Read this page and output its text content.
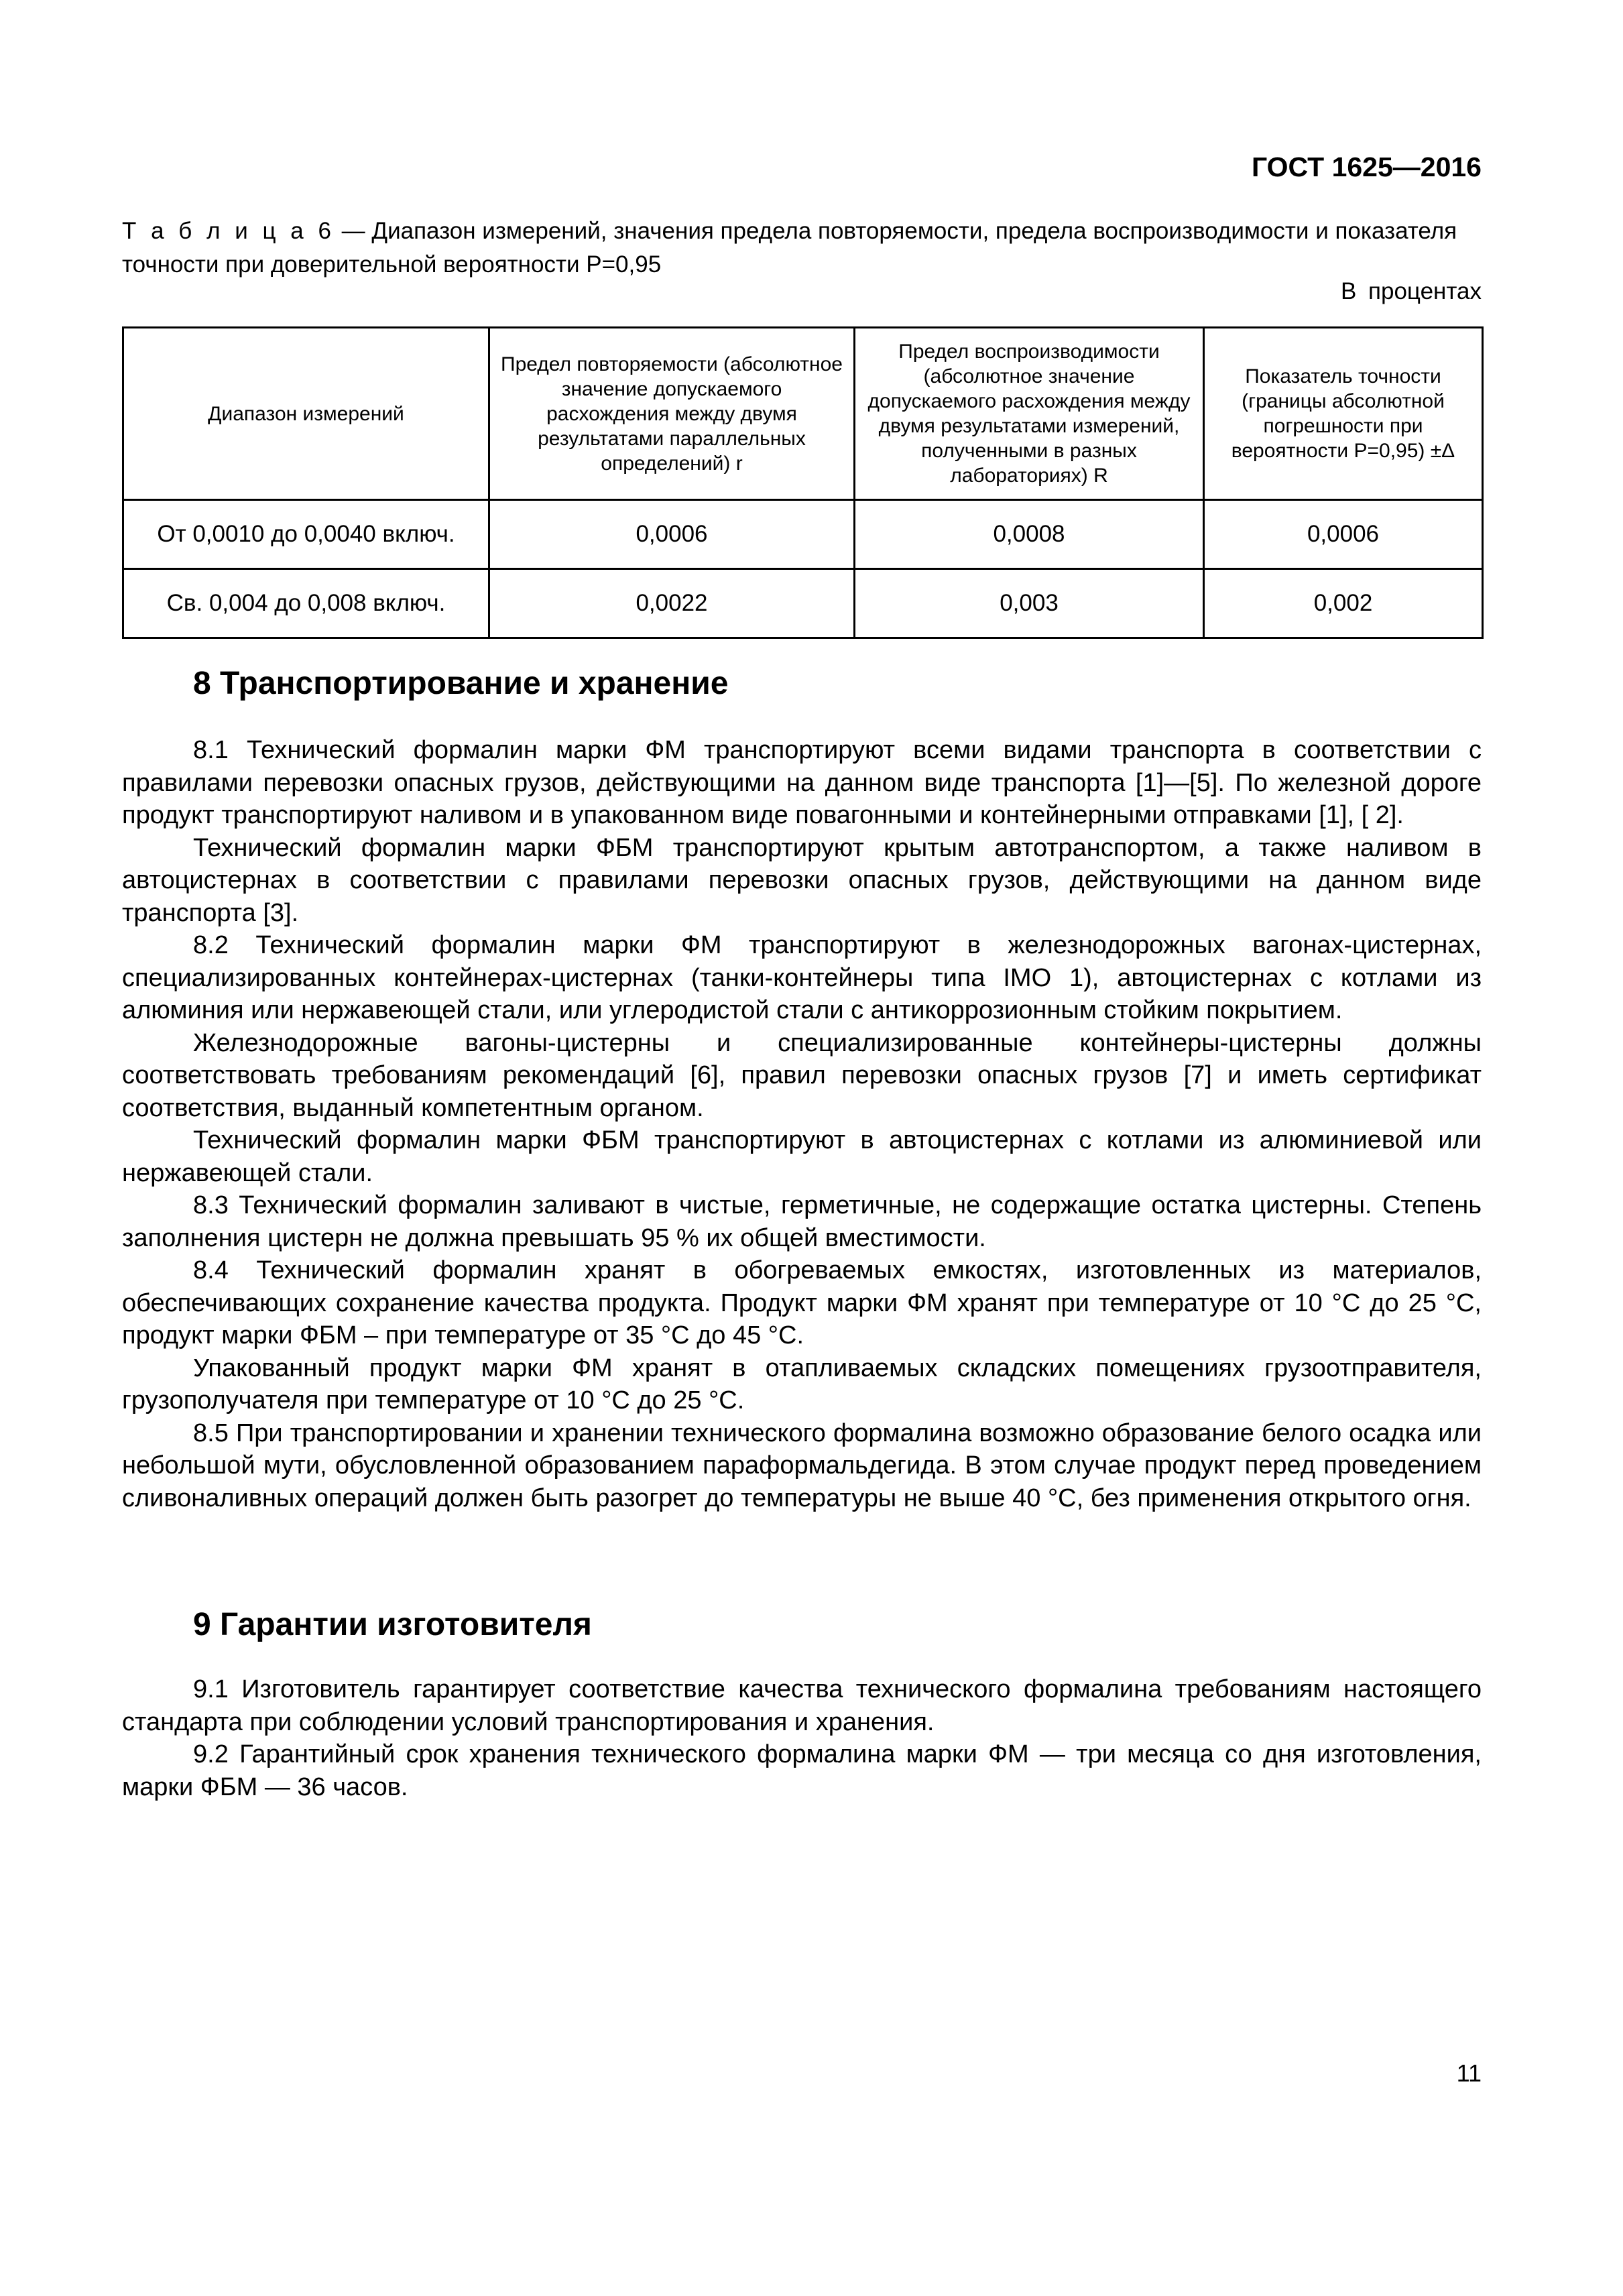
ГОСТ 1625—2016
Т а б л и ц а 6 — Диапазон измерений, значения предела повторяемости, предела воспроизводимости и показателя точности при доверительной вероятности P=0,95
В процентах
Диапазон измерений	Предел повторяемости (абсолютное значение допускаемого расхождения между двумя результатами параллельных определений) r	Предел воспроизводимости (абсолютное значение допускаемого расхождения между двумя результатами измерений, полученными в разных лабораториях) R	Показатель точности (границы абсолютной погрешности при вероятности P=0,95) ±Δ
От 0,0010 до 0,0040 включ.	0,0006	0,0008	0,0006
Св. 0,004 до 0,008 включ.	0,0022	0,003	0,002
8 Транспортирование и хранение

8.1 Технический формалин марки ФМ транспортируют всеми видами транспорта в соответствии с правилами перевозки опасных грузов, действующими на данном виде транспорта [1]—[5]. По железной дороге продукт транспортируют наливом и в упакованном виде повагонными и контейнерными отправками [1], [ 2].

Технический формалин марки ФБМ транспортируют крытым автотранспортом, а также наливом в автоцистернах в соответствии с правилами перевозки опасных грузов, действующими на данном виде транспорта [3].

8.2 Технический формалин марки ФМ транспортируют в железнодорожных вагонах-цистернах, специализированных контейнерах-цистернах (танки-контейнеры типа IMO 1), автоцистернах с котлами из алюминия или нержавеющей стали, или углеродистой стали с антикоррозионным стойким покрытием.

Железнодорожные вагоны-цистерны и специализированные контейнеры-цистерны должны соответствовать требованиям рекомендаций [6], правил перевозки опасных грузов [7] и иметь сертификат соответствия, выданный компетентным органом.

Технический формалин марки ФБМ транспортируют в автоцистернах с котлами из алюминиевой или нержавеющей стали.

8.3 Технический формалин заливают в чистые, герметичные, не содержащие остатка цистерны. Степень заполнения цистерн не должна превышать 95 % их общей вместимости.

8.4 Технический формалин хранят в обогреваемых емкостях, изготовленных из материалов, обеспечивающих сохранение качества продукта. Продукт марки ФМ хранят при температуре от 10 °С до 25 °С, продукт марки ФБМ – при температуре от 35 °С до 45 °С.

Упакованный продукт марки ФМ хранят в отапливаемых складских помещениях грузоотправителя, грузополучателя при температуре от 10 °С до 25 °С.

8.5 При транспортировании и хранении технического формалина возможно образование белого осадка или небольшой мути, обусловленной образованием параформальдегида. В этом случае продукт перед проведением сливоналивных операций должен быть разогрет до температуры не выше 40 °С, без применения открытого огня.

9 Гарантии изготовителя

9.1 Изготовитель гарантирует соответствие качества технического формалина требованиям настоящего стандарта при соблюдении условий транспортирования и хранения.

9.2 Гарантийный срок хранения технического формалина марки ФМ — три месяца со дня изготовления, марки ФБМ — 36 часов.

11
